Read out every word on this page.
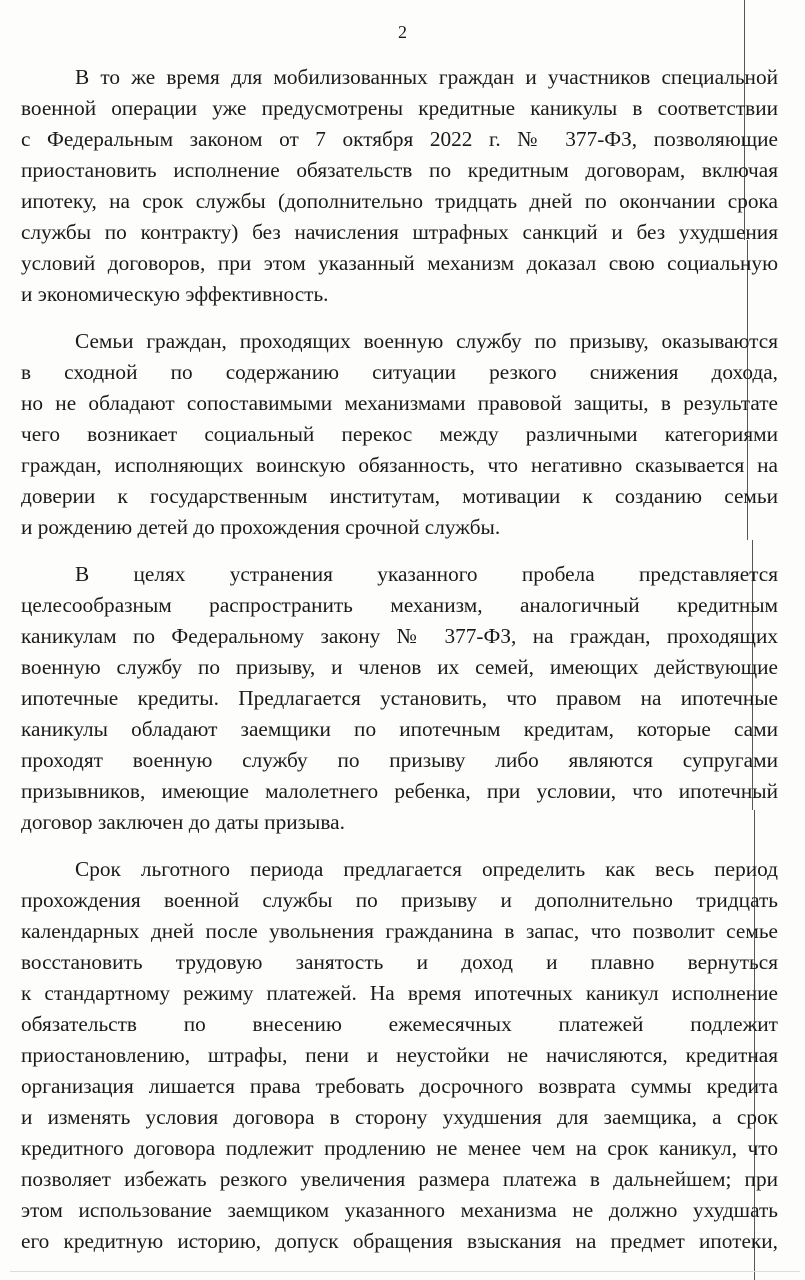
2
В то же время для мобилизованных граждан и участников специальной
военной операции уже предусмотрены кредитные каникулы в соответствии
с Федеральным законом от 7 октября 2022 г. № 377-ФЗ, позволяющие
приостановить исполнение обязательств по кредитным договорам, включая
ипотеку, на срок службы (дополнительно тридцать дней по окончании срока
службы по контракту) без начисления штрафных санкций и без ухудшения
условий договоров, при этом указанный механизм доказал свою социальную
и экономическую эффективность.
Семьи граждан, проходящих военную службу по призыву, оказываются
в сходной по содержанию ситуации резкого снижения дохода,
но не обладают сопоставимыми механизмами правовой защиты, в результате
чего возникает социальный перекос между различными категориями
граждан, исполняющих воинскую обязанность, что негативно сказывается на
доверии к государственным институтам, мотивации к созданию семьи
и рождению детей до прохождения срочной службы.
В целях устранения указанного пробела представляется
целесообразным распространить механизм, аналогичный кредитным
каникулам по Федеральному закону № 377-ФЗ, на граждан, проходящих
военную службу по призыву, и членов их семей, имеющих действующие
ипотечные кредиты. Предлагается установить, что правом на ипотечные
каникулы обладают заемщики по ипотечным кредитам, которые сами
проходят военную службу по призыву либо являются супругами
призывников, имеющие малолетнего ребенка, при условии, что ипотечный
договор заключен до даты призыва.
Срок льготного периода предлагается определить как весь период
прохождения военной службы по призыву и дополнительно тридцать
календарных дней после увольнения гражданина в запас, что позволит семье
восстановить трудовую занятость и доход и плавно вернуться
к стандартному режиму платежей. На время ипотечных каникул исполнение
обязательств по внесению ежемесячных платежей подлежит
приостановлению, штрафы, пени и неустойки не начисляются, кредитная
организация лишается права требовать досрочного возврата суммы кредита
и изменять условия договора в сторону ухудшения для заемщика, а срок
кредитного договора подлежит продлению не менее чем на срок каникул, что
позволяет избежать резкого увеличения размера платежа в дальнейшем; при
этом использование заемщиком указанного механизма не должно ухудшать
его кредитную историю, допуск обращения взыскания на предмет ипотеки,
